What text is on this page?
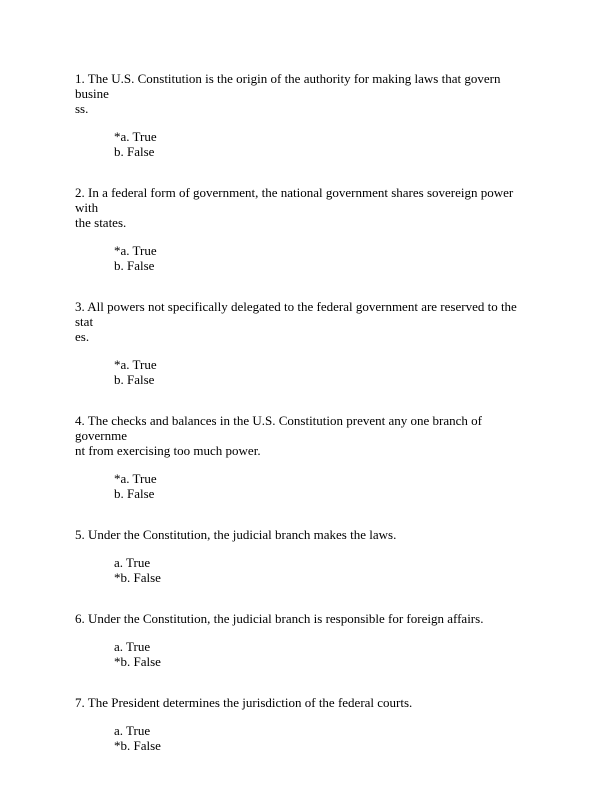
1. The U.S. Constitution is the origin of the authority for making laws that govern busine
ss.
*a. True
b. False
2. In a federal form of government, the national government shares sovereign power with
the states.
*a. True
b. False
3. All powers not specifically delegated to the federal government are reserved to the stat
es.
*a. True
b. False
4. The checks and balances in the U.S. Constitution prevent any one branch of governme
nt from exercising too much power.
*a. True
b. False
5. Under the Constitution, the judicial branch makes the laws.
a. True
*b. False
6. Under the Constitution, the judicial branch is responsible for foreign affairs.
a. True
*b. False
7. The President determines the jurisdiction of the federal courts.
a. True
*b. False
